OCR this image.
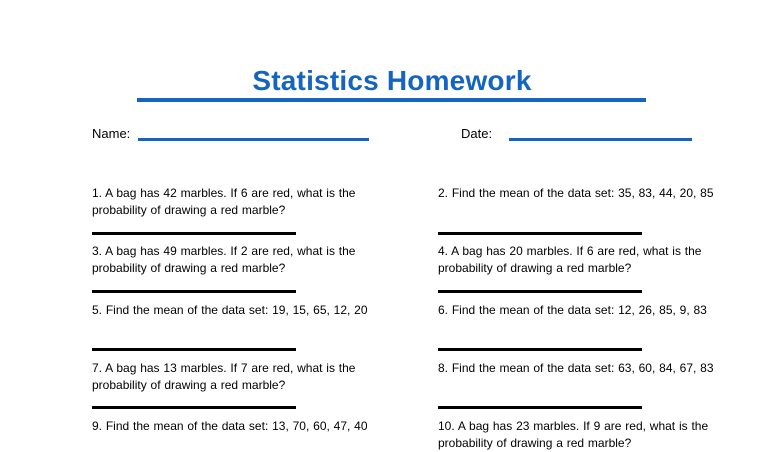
Statistics Homework
Name:	Date:
1. A bag has 42 marbles. If 6 are red, what is the probability of drawing a red marble?
2. Find the mean of the data set: 35, 83, 44, 20, 85
3. A bag has 49 marbles. If 2 are red, what is the probability of drawing a red marble?
4. A bag has 20 marbles. If 6 are red, what is the probability of drawing a red marble?
5. Find the mean of the data set: 19, 15, 65, 12, 20	6. Find the mean of the data set: 12, 26, 85, 9, 83
7. A bag has 13 marbles. If 7 are red, what is the probability of drawing a red marble?
8. Find the mean of the data set: 63, 60, 84, 67, 83
9. Find the mean of the data set: 13, 70, 60, 47, 40	10. A bag has 23 marbles. If 9 are red, what is the probability of drawing a red marble?
